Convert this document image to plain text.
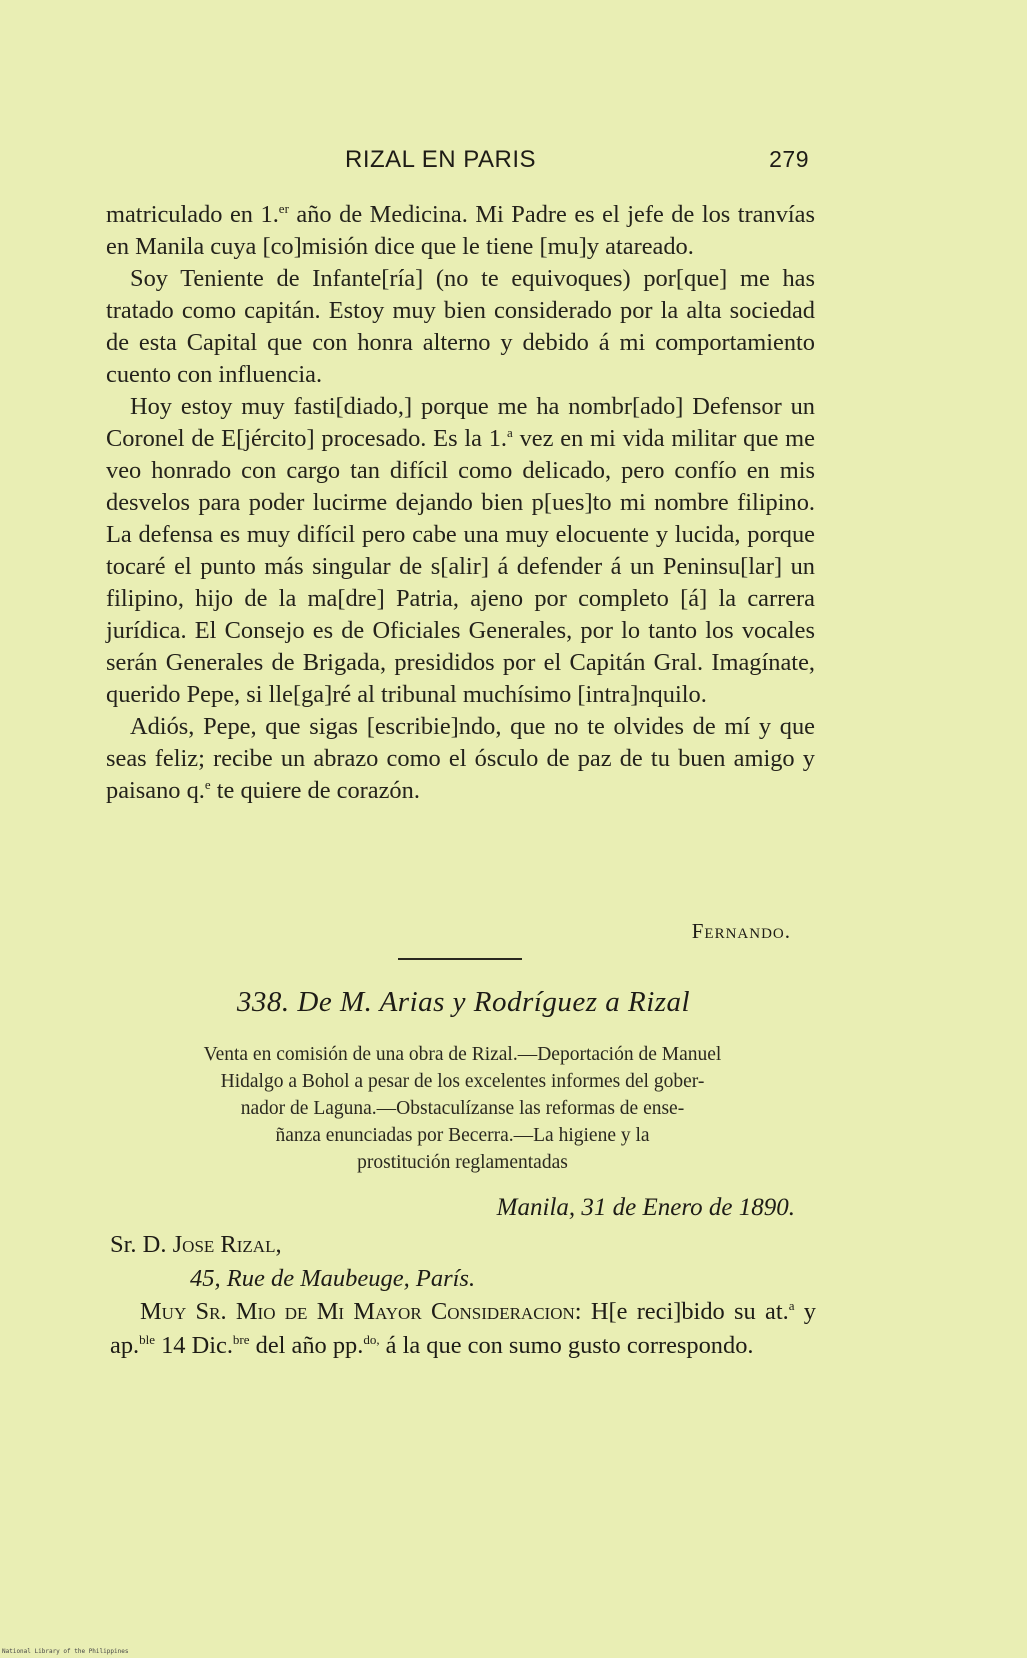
RIZAL EN PARIS	279

matriculado en 1.$^{er}$ año de Medicina. Mi Padre es el jefe de los tranvías en Manila cuya [co]misión dice que le tiene [mu]y atareado.

Soy Teniente de Infante[ría] (no te equivoques) por[que] me has tratado como capitán. Estoy muy bien considerado por la alta sociedad de esta Capital que con honra alterno y debido á mi comportamiento cuento con influencia.

Hoy estoy muy fasti[diado,] porque me ha nombr[ado] Defensor un Coronel de E[jército] procesado. Es la 1.$^a$ vez en mi vida militar que me veo honrado con cargo tan difícil como delicado, pero confío en mis desvelos para poder lucirme dejando bien p[ues]to mi nombre filipino. La defensa es muy difícil pero cabe una muy elocuente y lucida, porque tocaré el punto más singular de s[alir] á defender á un Peninsu[lar] un filipino, hijo de la ma[dre] Patria, ajeno por completo [á] la carrera jurídica. El Consejo es de Oficiales Generales, por lo tanto los vocales serán Generales de Brigada, presididos por el Capitán Gral. Imagínate, querido Pepe, si lle[ga]ré al tribunal muchísimo [intra]nquilo.

Adiós, Pepe, que sigas [escribie]ndo, que no te olvides de mí y que seas feliz; recibe un abrazo como el ósculo de paz de tu buen amigo y paisano q.$^e$ te quiere de corazón.

Fernando.
338. De M. Arias y Rodríguez a Rizal
Venta en comisión de una obra de Rizal.—Deportación de Manuel
Hidalgo a Bohol a pesar de los excelentes informes del gober-
nador de Laguna.—Obstaculízanse las reformas de ense-
ñanza enunciadas por Becerra.—La higiene y la
prostitución reglamentadas
Manila, 31 de Enero de 1890.
Sr. D. Jose Rizal,
45, Rue de Maubeuge, París.
Muy Sr. Mio de Mi Mayor Consideracion: H[e reci]bido su at.$^a$ y ap.$^{ble}$ 14 Dic.$^{bre}$ del año pp.$^{do,}$ á la que con sumo gusto correspondo.
National Library of the Philippines
